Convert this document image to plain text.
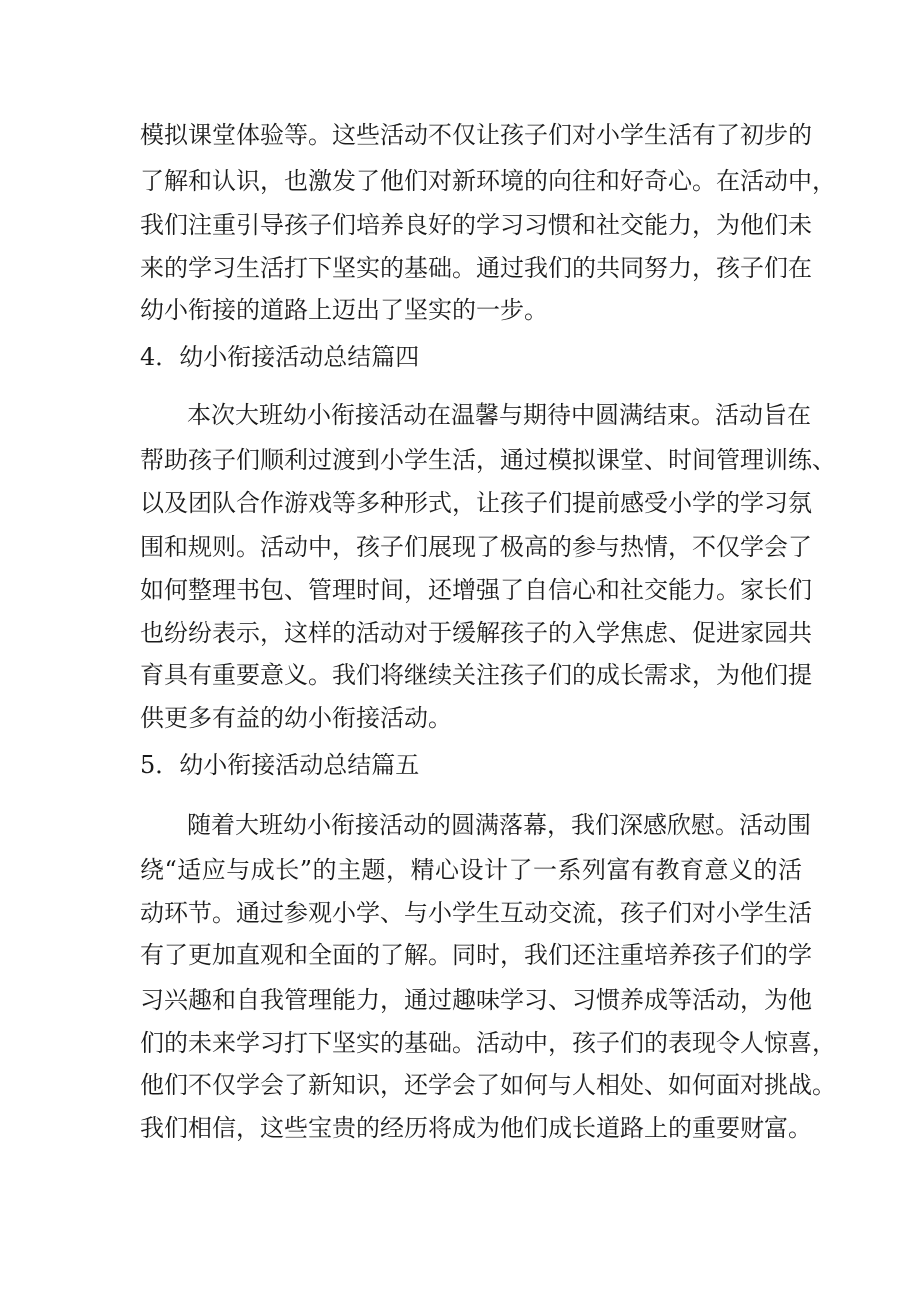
模拟课堂体验等。这些活动不仅让孩子们对小学生活有了初步的
了解和认识，也激发了他们对新环境的向往和好奇心。在活动中，
我们注重引导孩子们培养良好的学习习惯和社交能力，为他们未
来的学习生活打下坚实的基础。通过我们的共同努力，孩子们在
幼小衔接的道路上迈出了坚实的一步。
4．幼小衔接活动总结篇四
本次大班幼小衔接活动在温馨与期待中圆满结束。活动旨在
帮助孩子们顺利过渡到小学生活，通过模拟课堂、时间管理训练、
以及团队合作游戏等多种形式，让孩子们提前感受小学的学习氛
围和规则。活动中，孩子们展现了极高的参与热情，不仅学会了
如何整理书包、管理时间，还增强了自信心和社交能力。家长们
也纷纷表示，这样的活动对于缓解孩子的入学焦虑、促进家园共
育具有重要意义。我们将继续关注孩子们的成长需求，为他们提
供更多有益的幼小衔接活动。
5．幼小衔接活动总结篇五
随着大班幼小衔接活动的圆满落幕，我们深感欣慰。活动围
绕“适应与成长”的主题，精心设计了一系列富有教育意义的活
动环节。通过参观小学、与小学生互动交流，孩子们对小学生活
有了更加直观和全面的了解。同时，我们还注重培养孩子们的学
习兴趣和自我管理能力，通过趣味学习、习惯养成等活动，为他
们的未来学习打下坚实的基础。活动中，孩子们的表现令人惊喜，
他们不仅学会了新知识，还学会了如何与人相处、如何面对挑战。
我们相信，这些宝贵的经历将成为他们成长道路上的重要财富。
